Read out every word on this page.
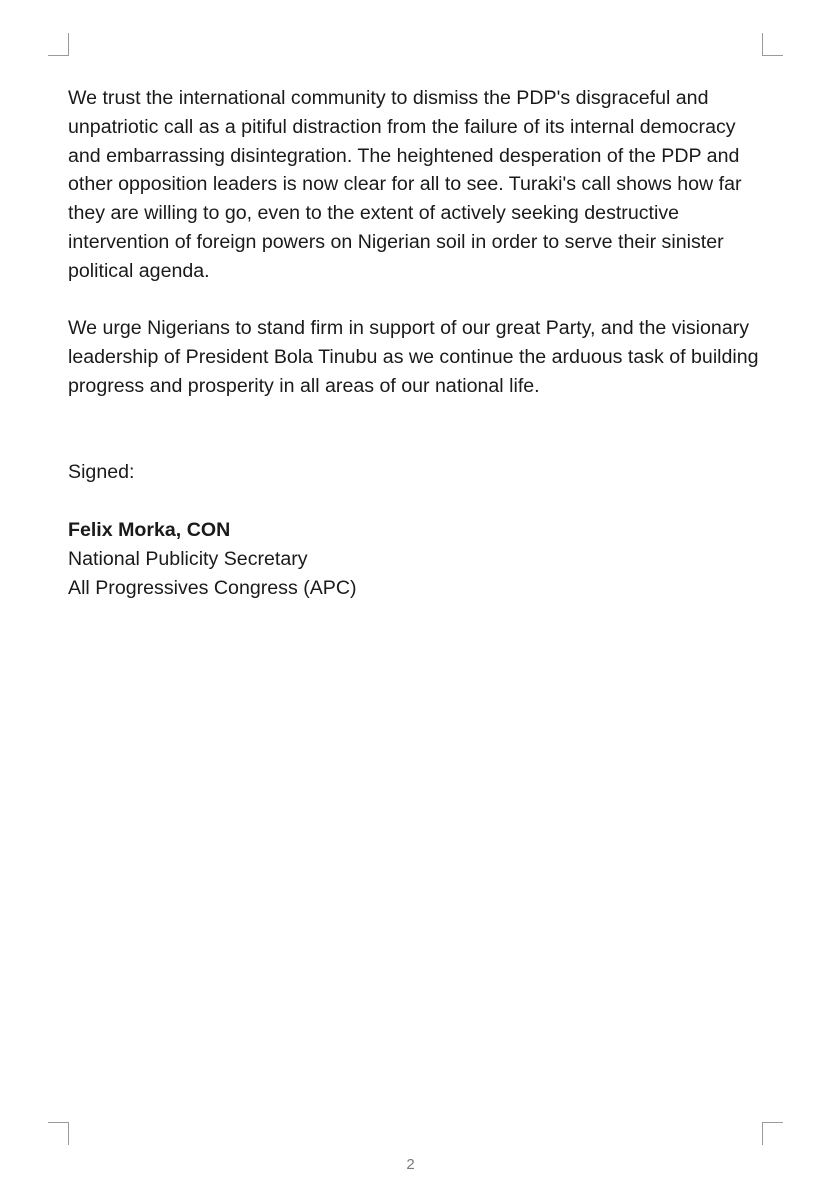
We trust the international community to dismiss the PDP's disgraceful and unpatriotic call as a pitiful distraction from the failure of its internal democracy and embarrassing disintegration. The heightened desperation of the PDP and other opposition leaders is now clear for all to see. Turaki's call shows how far they are willing to go, even to the extent of actively seeking destructive intervention of foreign powers on Nigerian soil in order to serve their sinister political agenda.

We urge Nigerians to stand firm in support of our great Party, and the visionary leadership of President Bola Tinubu as we continue the arduous task of building progress and prosperity in all areas of our national life.

Signed:

Felix Morka, CON

National Publicity Secretary

All Progressives Congress (APC)

2
